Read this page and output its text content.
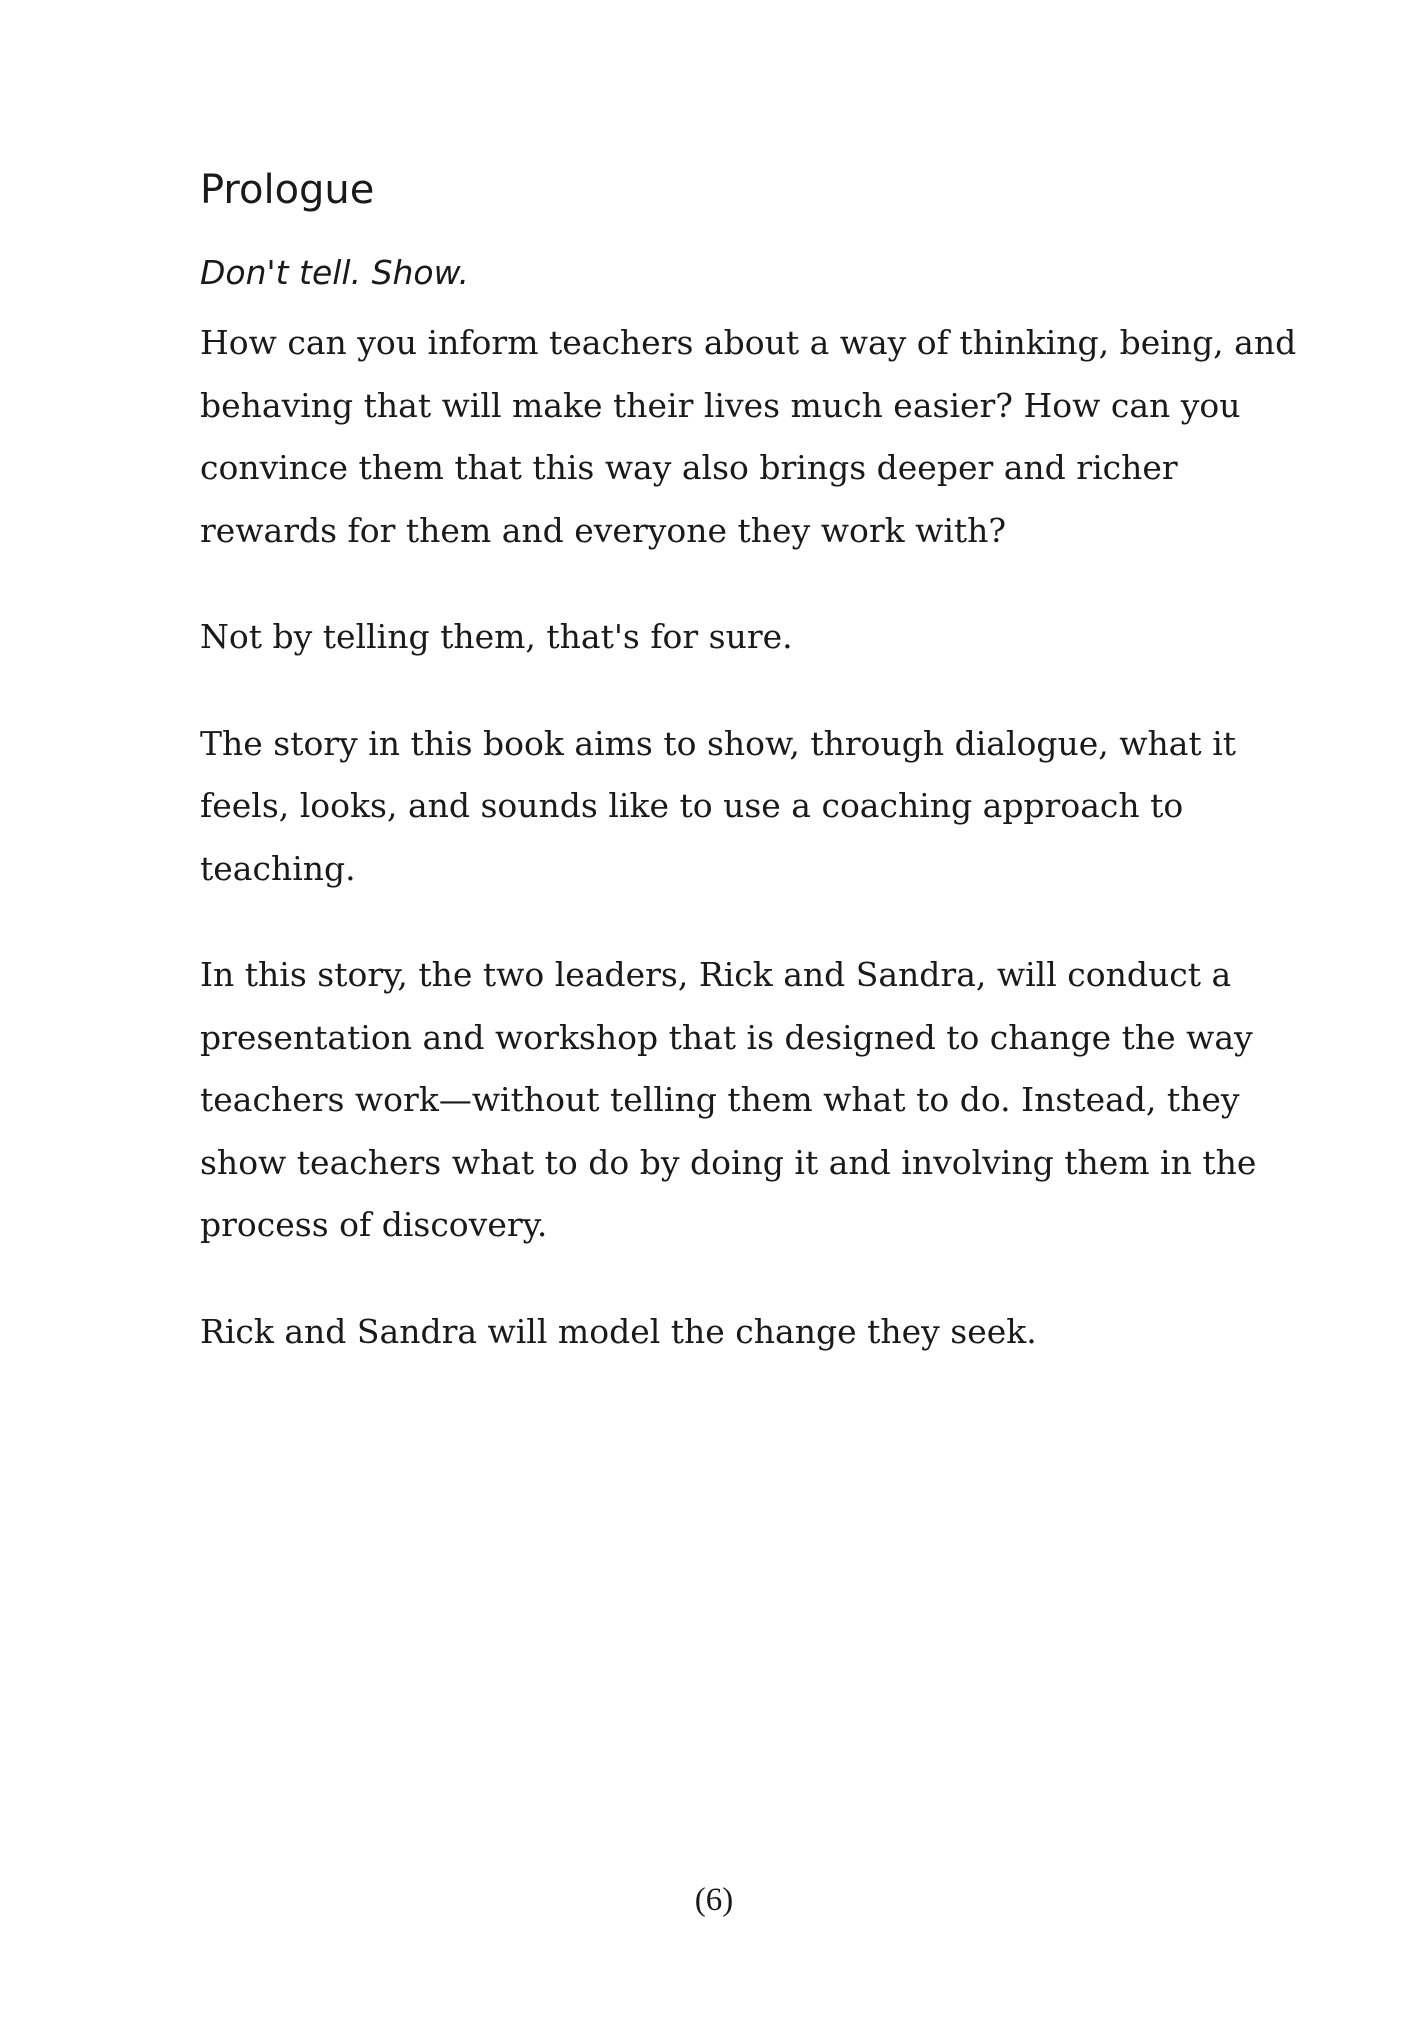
Prologue

Don't tell. Show.

How can you inform teachers about a way of thinking, being, and behaving that will make their lives much easier? How can you convince them that this way also brings deeper and richer rewards for them and everyone they work with?

Not by telling them, that's for sure.

The story in this book aims to show, through dialogue, what it feels, looks, and sounds like to use a coaching approach to teaching.

In this story, the two leaders, Rick and Sandra, will conduct a presentation and workshop that is designed to change the way teachers work—without telling them what to do. Instead, they show teachers what to do by doing it and involving them in the process of discovery.

Rick and Sandra will model the change they seek.

(6)
